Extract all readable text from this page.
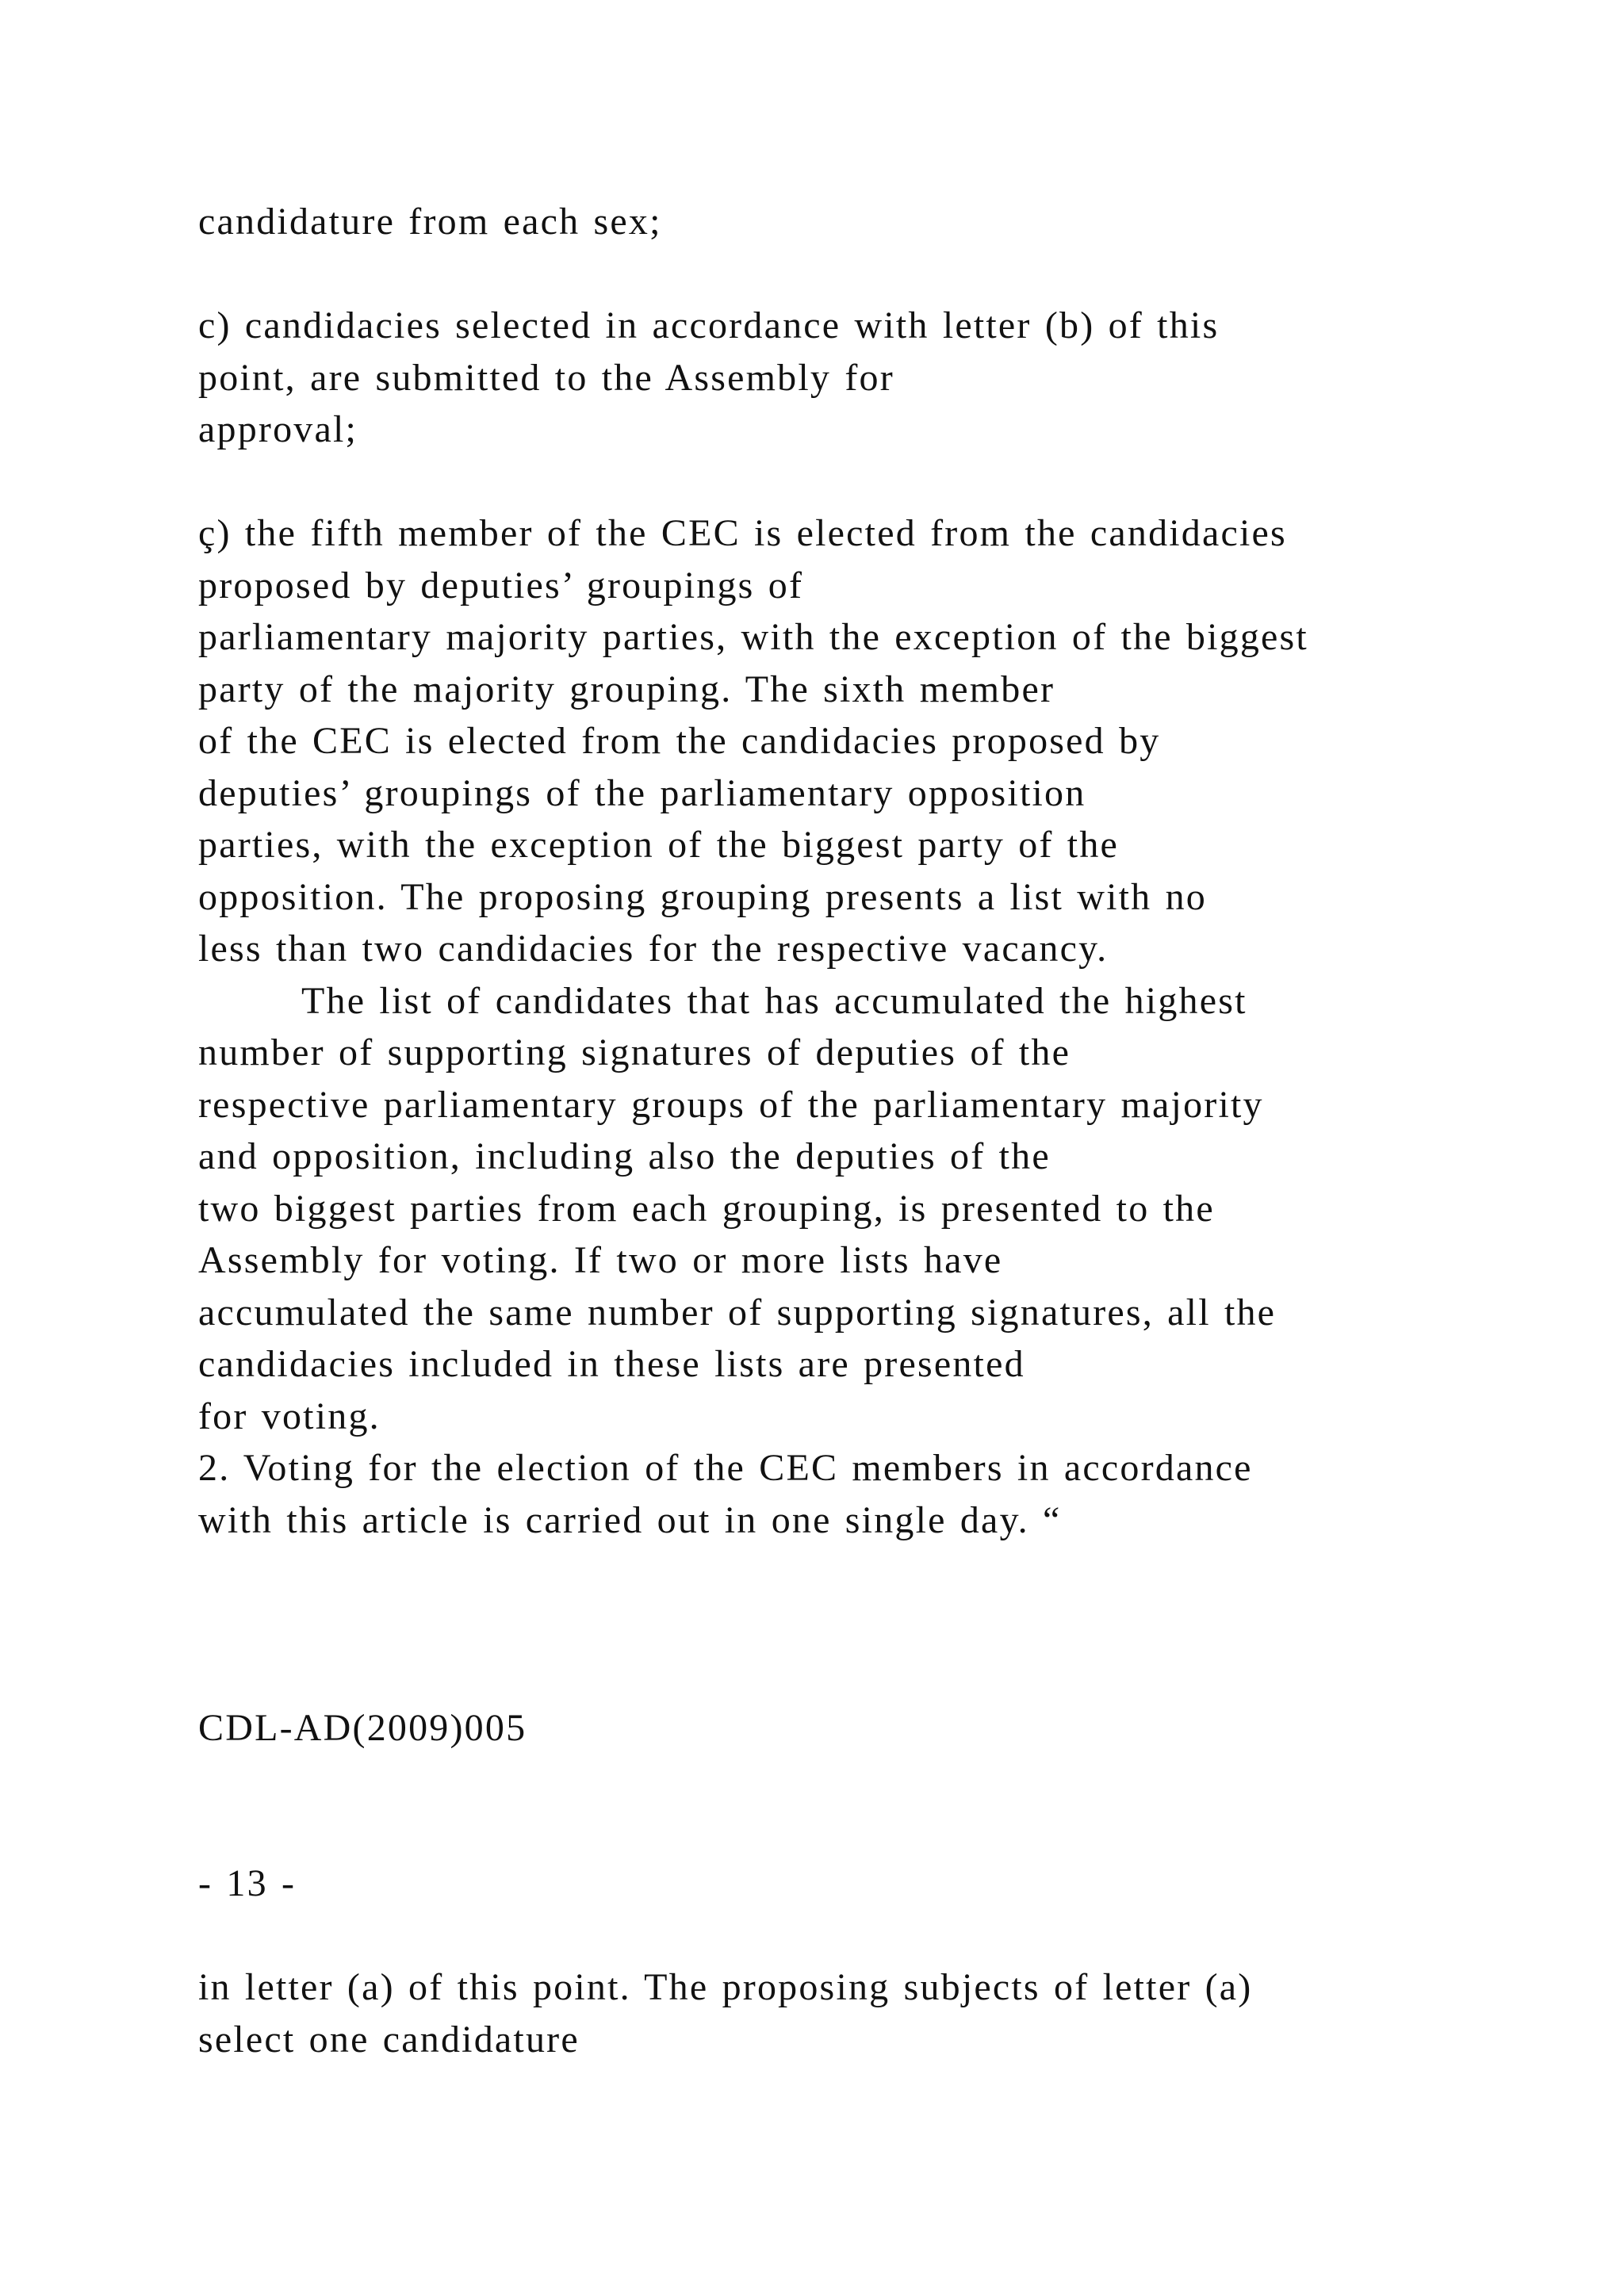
candidature from each sex;
c) candidacies selected in accordance with letter (b) of this
point, are submitted to the Assembly for
approval;
ç) the fifth member of the CEC is elected from the candidacies
proposed by deputies’ groupings of
parliamentary majority parties, with the exception of the biggest
party of the majority grouping. The sixth member
of the CEC is elected from the candidacies proposed by
deputies’ groupings of the parliamentary opposition
parties, with the exception of the biggest party of the
opposition. The proposing grouping presents a list with no
less than two candidacies for the respective vacancy.
The list of candidates that has accumulated the highest
number of supporting signatures of deputies of the
respective parliamentary groups of the parliamentary majority
and opposition, including also the deputies of the
two biggest parties from each grouping, is presented to the
Assembly for voting. If two or more lists have
accumulated the same number of supporting signatures, all the
candidacies included in these lists are presented
for voting.
2. Voting for the election of the CEC members in accordance
with this article is carried out in one single day. “
CDL-AD(2009)005
- 13 -
in letter (a) of this point. The proposing subjects of letter (a)
select one candidature
